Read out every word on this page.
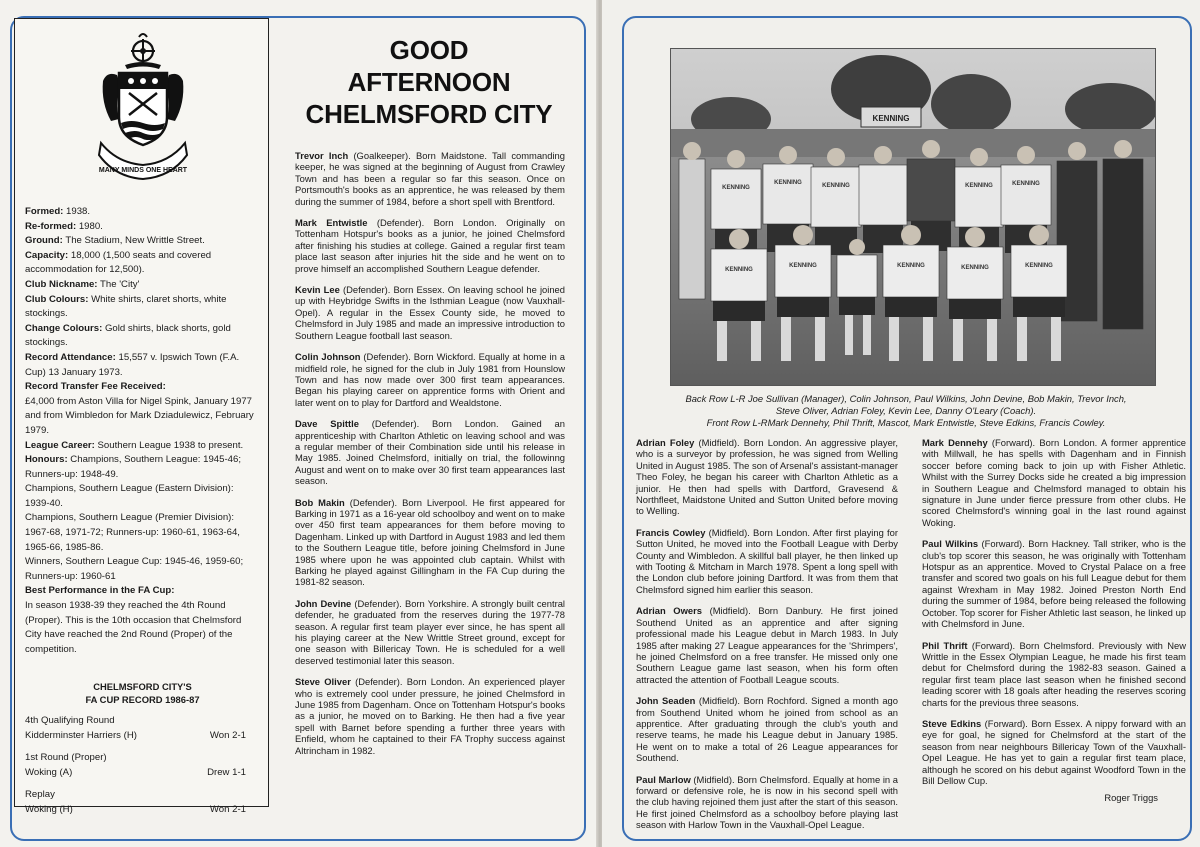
MANY MINDS ONE HEART

Formed: 1938.

Re-formed: 1980.

Ground: The Stadium, New Writtle Street.

Capacity: 18,000 (1,500 seats and covered accommodation for 12,500).

Club Nickname: The 'City'

Club Colours: White shirts, claret shorts, white stockings.

Change Colours: Gold shirts, black shorts, gold stockings.

Record Attendance: 15,557 v. Ipswich Town (F.A. Cup) 13 January 1973.

Record Transfer Fee Received:

£4,000 from Aston Villa for Nigel Spink, January 1977 and from Wimbledon for Mark Dziadulewicz, February 1979.

League Career: Southern League 1938 to present.

Honours: Champions, Southern League: 1945-46; Runners-up: 1948-49.

Champions, Southern League (Eastern Division): 1939-40.

Champions, Southern League (Premier Division): 1967-68, 1971-72; Runners-up: 1960-61, 1963-64, 1965-66, 1985-86.

Winners, Southern League Cup: 1945-46, 1959-60; Runners-up: 1960-61

Best Performance in the FA Cup:

In season 1938-39 they reached the 4th Round (Proper). This is the 10th occasion that Chelmsford City have reached the 2nd Round (Proper) of the competition.

CHELMSFORD CITY'S
FA CUP RECORD 1986-87
4th Qualifying Round
Kidderminster Harriers (H)	Won 2-1
1st Round (Proper)
Woking (A)	Drew 1-1
Replay
Woking (H)	Won 2-1
GOOD
AFTERNOON
CHELMSFORD CITY

Trevor Inch (Goalkeeper). Born Maidstone. Tall commanding keeper, he was signed at the beginning of August from Crawley Town and has been a regular so far this season. Once on Portsmouth's books as an apprentice, he was released by them during the summer of 1984, before a short spell with Brentford.

Mark Entwistle (Defender). Born London. Originally on Tottenham Hotspur's books as a junior, he joined Chelmsford after finishing his studies at college. Gained a regular first team place last season after injuries hit the side and he went on to prove himself an accomplished Southern League defender.

Kevin Lee (Defender). Born Essex. On leaving school he joined up with Heybridge Swifts in the Isthmian League (now Vauxhall-Opel). A regular in the Essex County side, he moved to Chelmsford in July 1985 and made an impressive introduction to Southern League football last season.

Colin Johnson (Defender). Born Wickford. Equally at home in a midfield role, he signed for the club in July 1981 from Hounslow Town and has now made over 300 first team appearances. Began his playing career on apprentice forms with Orient and later went on to play for Dartford and Wealdstone.

Dave Spittle (Defender). Born London. Gained an apprenticeship with Charlton Athletic on leaving school and was a regular member of their Combination side until his release in May 1985. Joined Chelmsford, initially on trial, the followinng August and went on to make over 30 first team appearances last season.

Bob Makin (Defender). Born Liverpool. He first appeared for Barking in 1971 as a 16-year old schoolboy and went on to make over 450 first team appearances for them before moving to Dagenham. Linked up with Dartford in August 1983 and led them to the Southern League title, before joining Chelmsford in June 1985 where upon he was appointed club captain. Whilst with Barking he played against Gillingham in the FA Cup during the 1981-82 season.

John Devine (Defender). Born Yorkshire. A strongly built central defender, he graduated from the reserves during the 1977-78 season. A regular first team player ever since, he has spent all his playing career at the New Writtle Street ground, except for one season with Billericay Town. He is scheduled for a well deserved testimonial later this season.

Steve Oliver (Defender). Born London. An experienced player who is extremely cool under pressure, he joined Chelmsford in June 1985 from Dagenham. Once on Tottenham Hotspur's books as a junior, he moved on to Barking. He then had a five year spell with Barnet before spending a further three years with Enfield, whom he captained to their FA Trophy success against Altrincham in 1982.

KENNING
KENNING
KENNING	KENNING	KENNING	KENNING
KENNING
KENNING	KENNING	KENNING	KENNING
Back Row L-R Joe Sullivan (Manager), Colin Johnson, Paul Wilkins, John Devine, Bob Makin, Trevor Inch,
Steve Oliver, Adrian Foley, Kevin Lee, Danny O'Leary (Coach).
Front Row L-RMark Dennehy, Phil Thrift, Mascot, Mark Entwistle, Steve Edkins, Francis Cowley.

Adrian Foley (Midfield). Born London. An aggressive player, who is a surveyor by profession, he was signed from Welling United in August 1985. The son of Arsenal's assistant-manager Theo Foley, he began his career with Charlton Athletic as a junior. He then had spells with Dartford, Gravesend & Northfleet, Maidstone United and Sutton United before moving to Welling.

Francis Cowley (Midfield). Born London. After first playing for Sutton United, he moved into the Football League with Derby County and Wimbledon. A skillful ball player, he then linked up with Tooting & Mitcham in March 1978. Spent a long spell with the London club before joining Dartford. It was from them that Chelmsford signed him earlier this season.

Adrian Owers (Midfield). Born Danbury. He first joined Southend United as an apprentice and after signing professional made his League debut in March 1983. In July 1985 after making 27 League appearances for the 'Shrimpers', he joined Chelmsford on a free transfer. He missed only one Southern League game last season, when his form often attracted the attention of Football League scouts.

John Seaden (Midfield). Born Rochford. Signed a month ago from Southend United whom he joined from school as an apprentice. After graduating through the club's youth and reserve teams, he made his League debut in January 1985. He went on to make a total of 26 League appearances for Southend.

Paul Marlow (Midfield). Born Chelmsford. Equally at home in a forward or defensive role, he is now in his second spell with the club having rejoined them just after the start of this season. He first joined Chelmsford as a schoolboy before playing last season with Harlow Town in the Vauxhall-Opel League.

Mark Dennehy (Forward). Born London. A former apprentice with Millwall, he has spells with Dagenham and in Finnish soccer before coming back to join up with Fisher Athletic. Whilst with the Surrey Docks side he created a big impression in Southern League and Chelmsford managed to obtain his signature in June under fierce pressure from other clubs. He scored Chelmsford's winning goal in the last round against Woking.

Paul Wilkins (Forward). Born Hackney. Tall striker, who is the club's top scorer this season, he was originally with Tottenham Hotspur as an apprentice. Moved to Crystal Palace on a free transfer and scored two goals on his full League debut for them against Wrexham in May 1982. Joined Preston North End during the summer of 1984, before being released the following October. Top scorer for Fisher Athletic last season, he linked up with Chelmsford in June.

Phil Thrift (Forward). Born Chelmsford. Previously with New Writtle in the Essex Olympian League, he made his first team debut for Chelmsford during the 1982-83 season. Gained a regular first team place last season when he finished second leading scorer with 18 goals after heading the reserves scoring charts for the previous three seasons.

Steve Edkins (Forward). Born Essex. A nippy forward with an eye for goal, he signed for Chelmsford at the start of the season from near neighbours Billericay Town of the Vauxhall-Opel League. He has yet to gain a regular first team place, although he scored on his debut against Woodford Town in the Bill Dellow Cup.

Roger Triggs
